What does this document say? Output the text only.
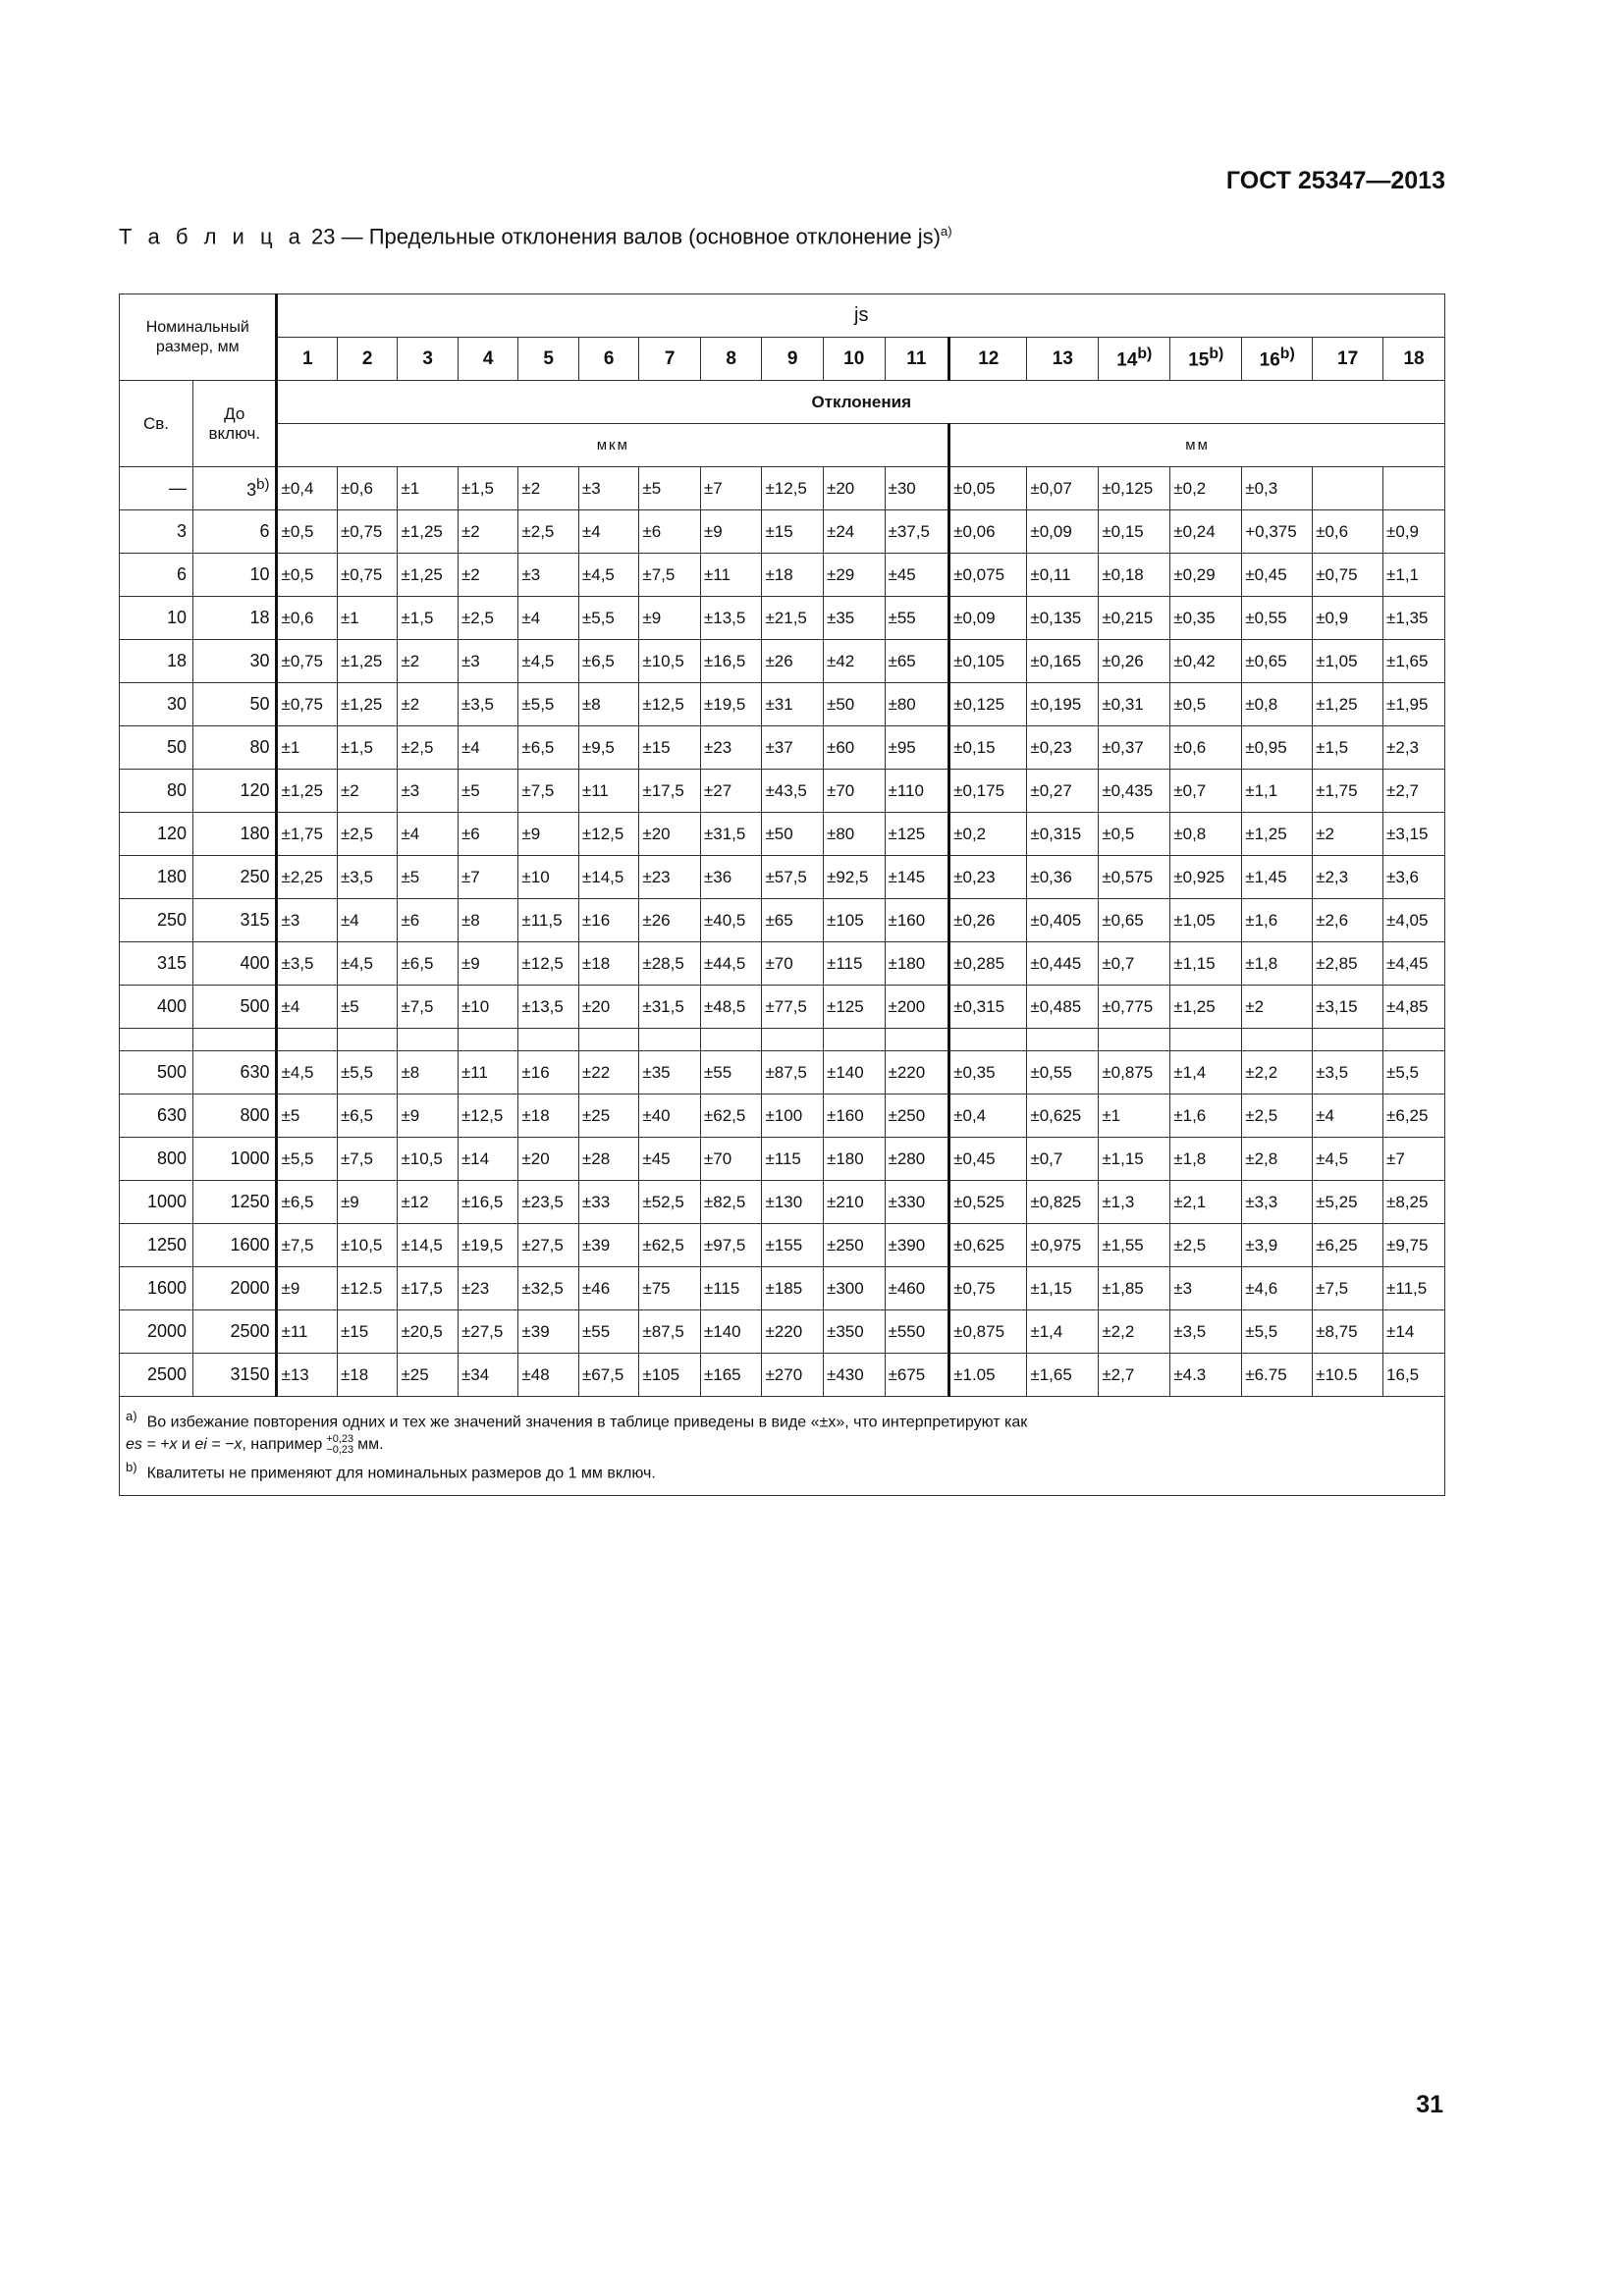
ГОСТ 25347—2013
Т а б л и ц а 23 — Предельные отклонения валов (основное отклонение js)$^{a)}$
Номинальный размер, мм		js																	
		1	2	3	4	5	6	7	8	9	10	11	12	13	14$^{b)}$	15$^{b)}$	16$^{b)}$	17	18
Св.	До включ.	Отклонения																	
		мкм											мм						
—	$3^{b)}$	±0,4	±0,6	±1	±1,5	±2	±3	±5	±7	±12,5	±20	±30	±0,05	±0,07	±0,125	±0,2	±0,3		
3	6	±0,5	±0,75	±1,25	±2	±2,5	±4	±6	±9	±15	±24	±37,5	±0,06	±0,09	±0,15	±0,24	+0,375	±0,6	±0,9
6	10	±0,5	±0,75	±1,25	±2	±3	±4,5	±7,5	±11	±18	±29	±45	±0,075	±0,11	±0,18	±0,29	±0,45	±0,75	±1,1
10	18	±0,6	±1	±1,5	±2,5	±4	±5,5	±9	±13,5	±21,5	±35	±55	±0,09	±0,135	±0,215	±0,35	±0,55	±0,9	±1,35
18	30	±0,75	±1,25	±2	±3	±4,5	±6,5	±10,5	±16,5	±26	±42	±65	±0,105	±0,165	±0,26	±0,42	±0,65	±1,05	±1,65
30	50	±0,75	±1,25	±2	±3,5	±5,5	±8	±12,5	±19,5	±31	±50	±80	±0,125	±0,195	±0,31	±0,5	±0,8	±1,25	±1,95
50	80	±1	±1,5	±2,5	±4	±6,5	±9,5	±15	±23	±37	±60	±95	±0,15	±0,23	±0,37	±0,6	±0,95	±1,5	±2,3
80	120	±1,25	±2	±3	±5	±7,5	±11	±17,5	±27	±43,5	±70	±110	±0,175	±0,27	±0,435	±0,7	±1,1	±1,75	±2,7
120	180	±1,75	±2,5	±4	±6	±9	±12,5	±20	±31,5	±50	±80	±125	±0,2	±0,315	±0,5	±0,8	±1,25	±2	±3,15
180	250	±2,25	±3,5	±5	±7	±10	±14,5	±23	±36	±57,5	±92,5	±145	±0,23	±0,36	±0,575	±0,925	±1,45	±2,3	±3,6
250	315	±3	±4	±6	±8	±11,5	±16	±26	±40,5	±65	±105	±160	±0,26	±0,405	±0,65	±1,05	±1,6	±2,6	±4,05
315	400	±3,5	±4,5	±6,5	±9	±12,5	±18	±28,5	±44,5	±70	±115	±180	±0,285	±0,445	±0,7	±1,15	±1,8	±2,85	±4,45
400	500	±4	±5	±7,5	±10	±13,5	±20	±31,5	±48,5	±77,5	±125	±200	±0,315	±0,485	±0,775	±1,25	±2	±3,15	±4,85

500	630	±4,5	±5,5	±8	±11	±16	±22	±35	±55	±87,5	±140	±220	±0,35	±0,55	±0,875	±1,4	±2,2	±3,5	±5,5
630	800	±5	±6,5	±9	±12,5	±18	±25	±40	±62,5	±100	±160	±250	±0,4	±0,625	±1	±1,6	±2,5	±4	±6,25
800	1000	±5,5	±7,5	±10,5	±14	±20	±28	±45	±70	±115	±180	±280	±0,45	±0,7	±1,15	±1,8	±2,8	±4,5	±7
1000	1250	±6,5	±9	±12	±16,5	±23,5	±33	±52,5	±82,5	±130	±210	±330	±0,525	±0,825	±1,3	±2,1	±3,3	±5,25	±8,25
1250	1600	±7,5	±10,5	±14,5	±19,5	±27,5	±39	±62,5	±97,5	±155	±250	±390	±0,625	±0,975	±1,55	±2,5	±3,9	±6,25	±9,75
1600	2000	±9	±12.5	±17,5	±23	±32,5	±46	±75	±115	±185	±300	±460	±0,75	±1,15	±1,85	±3	±4,6	±7,5	±11,5
2000	2500	±11	±15	±20,5	±27,5	±39	±55	±87,5	±140	±220	±350	±550	±0,875	±1,4	±2,2	±3,5	±5,5	±8,75	±14
2500	3150	±13	±18	±25	±34	±48	±67,5	±105	±165	±270	±430	±675	±1.05	±1,65	±2,7	±4.3	±6.75	±10.5	16,5

$^{a)}$ Во избежание повторения одних и тех же значений значения в таблице приведены в виде «±x», что интерпретируют как
es = +x и ei = −x, например +0,23
−0,23 мм.
$^{b)}$ Квалитеты не применяют для номинальных размеров до 1 мм включ.																			
31
